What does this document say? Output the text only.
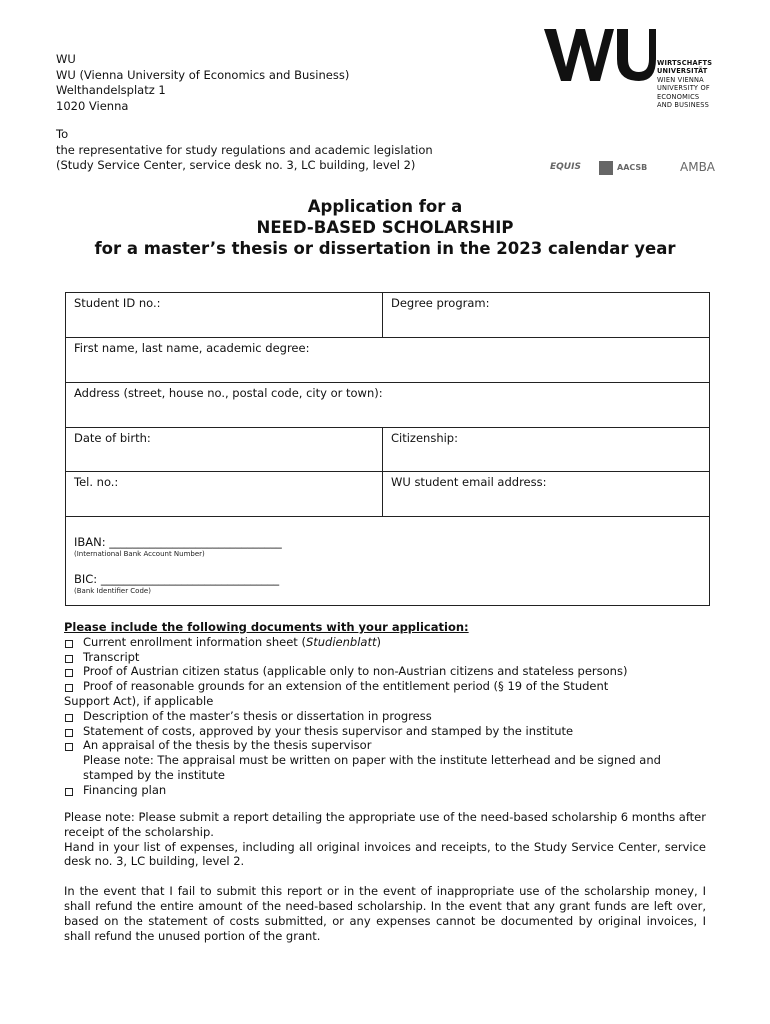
WU
WU (Vienna University of Economics and Business)
Welthandelsplatz 1
1020 Vienna
To
the representative for study regulations and academic legislation
(Study Service Center, service desk no. 3, LC building, level 2)
WIRTSCHAFTS
UNIVERSITÄT
WIEN VIENNA
UNIVERSITY OF
ECONOMICS
AND BUSINESS
EQUIS	AACSB	AMBA
Application for a
NEED-BASED SCHOLARSHIP
for a master’s thesis or dissertation in the 2023 calendar year
Student ID no.:	Degree program:
First name, last name, academic degree:
Address (street, house no., postal code, city or town):
Date of birth:	Citizenship:
Tel. no.:	WU student email address:
IBAN: ______________________________
(International Bank Account Number)
BIC: _______________________________
(Bank Identifier Code)
Please include the following documents with your application:
Current enrollment information sheet (Studienblatt)
Transcript
Proof of Austrian citizen status (applicable only to non-Austrian citizens and stateless persons)
Proof of reasonable grounds for an extension of the entitlement period (§ 19 of the Student
Support Act), if applicable
Description of the master’s thesis or dissertation in progress
Statement of costs, approved by your thesis supervisor and stamped by the institute
An appraisal of the thesis by the thesis supervisor
Please note: The appraisal must be written on paper with the institute letterhead and be signed and stamped by the institute
Financing plan

Please note: Please submit a report detailing the appropriate use of the need-based scholarship 6 months after receipt of the scholarship.
Hand in your list of expenses, including all original invoices and receipts, to the Study Service Center, service desk no. 3, LC building, level 2.

In the event that I fail to submit this report or in the event of inappropriate use of the scholarship money, I shall refund the entire amount of the need-based scholarship. In the event that any grant funds are left over, based on the statement of costs submitted, or any expenses cannot be documented by original invoices, I shall refund the unused portion of the grant.
